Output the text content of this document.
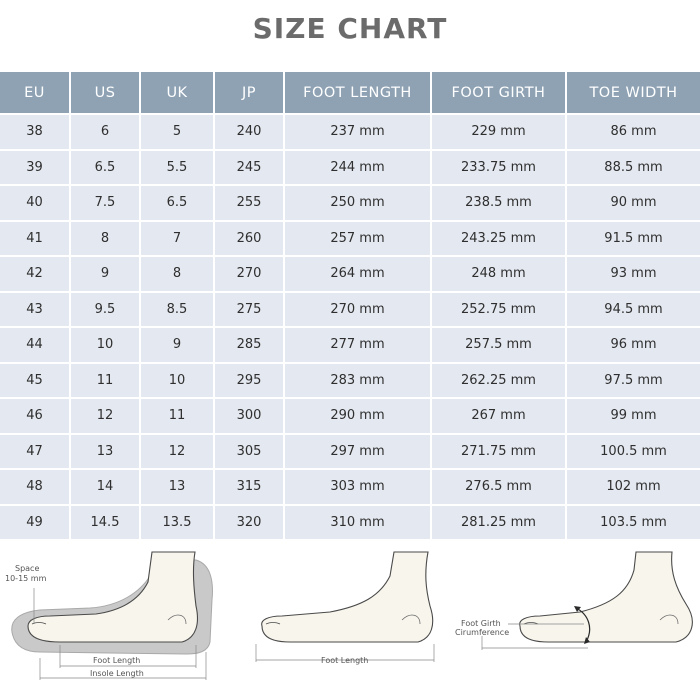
SIZE CHART
EU	US	UK	JP	FOOT LENGTH	FOOT GIRTH	TOE WIDTH
38	6	5	240	237 mm	229 mm	86 mm
39	6.5	5.5	245	244 mm	233.75 mm	88.5 mm
40	7.5	6.5	255	250 mm	238.5 mm	90 mm
41	8	7	260	257 mm	243.25 mm	91.5 mm
42	9	8	270	264 mm	248 mm	93 mm
43	9.5	8.5	275	270 mm	252.75 mm	94.5 mm
44	10	9	285	277 mm	257.5 mm	96 mm
45	11	10	295	283 mm	262.25 mm	97.5 mm
46	12	11	300	290 mm	267 mm	99 mm
47	13	12	305	297 mm	271.75 mm	100.5 mm
48	14	13	315	303 mm	276.5 mm	102 mm
49	14.5	13.5	320	310 mm	281.25 mm	103.5 mm
Space
10-15 mm
Foot Length
Insole Length
Foot Length
Foot Girth
Cirumference
